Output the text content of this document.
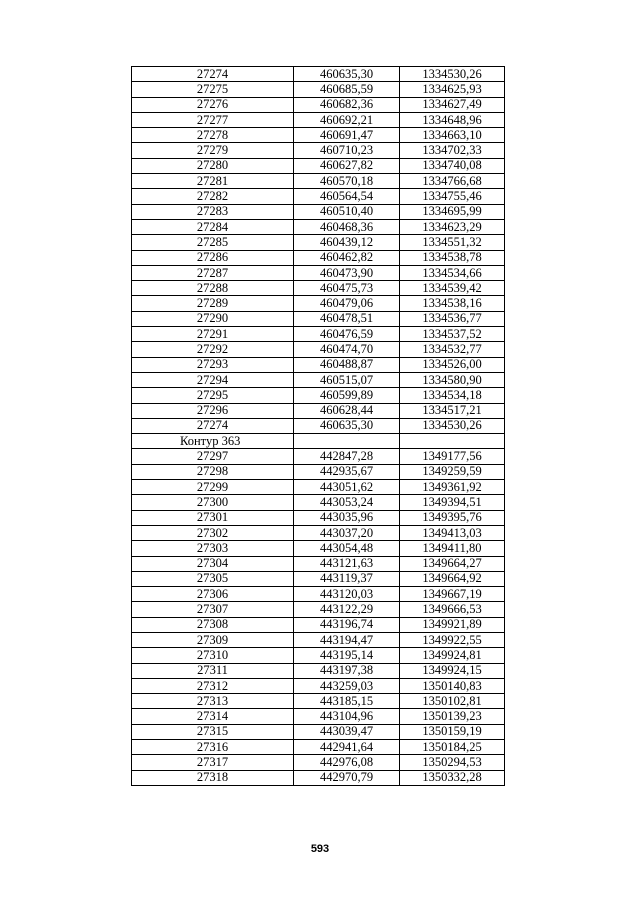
27274	460635,30	1334530,26
27275	460685,59	1334625,93
27276	460682,36	1334627,49
27277	460692,21	1334648,96
27278	460691,47	1334663,10
27279	460710,23	1334702,33
27280	460627,82	1334740,08
27281	460570,18	1334766,68
27282	460564,54	1334755,46
27283	460510,40	1334695,99
27284	460468,36	1334623,29
27285	460439,12	1334551,32
27286	460462,82	1334538,78
27287	460473,90	1334534,66
27288	460475,73	1334539,42
27289	460479,06	1334538,16
27290	460478,51	1334536,77
27291	460476,59	1334537,52
27292	460474,70	1334532,77
27293	460488,87	1334526,00
27294	460515,07	1334580,90
27295	460599,89	1334534,18
27296	460628,44	1334517,21
27274	460635,30	1334530,26
Контур 363		
27297	442847,28	1349177,56
27298	442935,67	1349259,59
27299	443051,62	1349361,92
27300	443053,24	1349394,51
27301	443035,96	1349395,76
27302	443037,20	1349413,03
27303	443054,48	1349411,80
27304	443121,63	1349664,27
27305	443119,37	1349664,92
27306	443120,03	1349667,19
27307	443122,29	1349666,53
27308	443196,74	1349921,89
27309	443194,47	1349922,55
27310	443195,14	1349924,81
27311	443197,38	1349924,15
27312	443259,03	1350140,83
27313	443185,15	1350102,81
27314	443104,96	1350139,23
27315	443039,47	1350159,19
27316	442941,64	1350184,25
27317	442976,08	1350294,53
27318	442970,79	1350332,28
593
